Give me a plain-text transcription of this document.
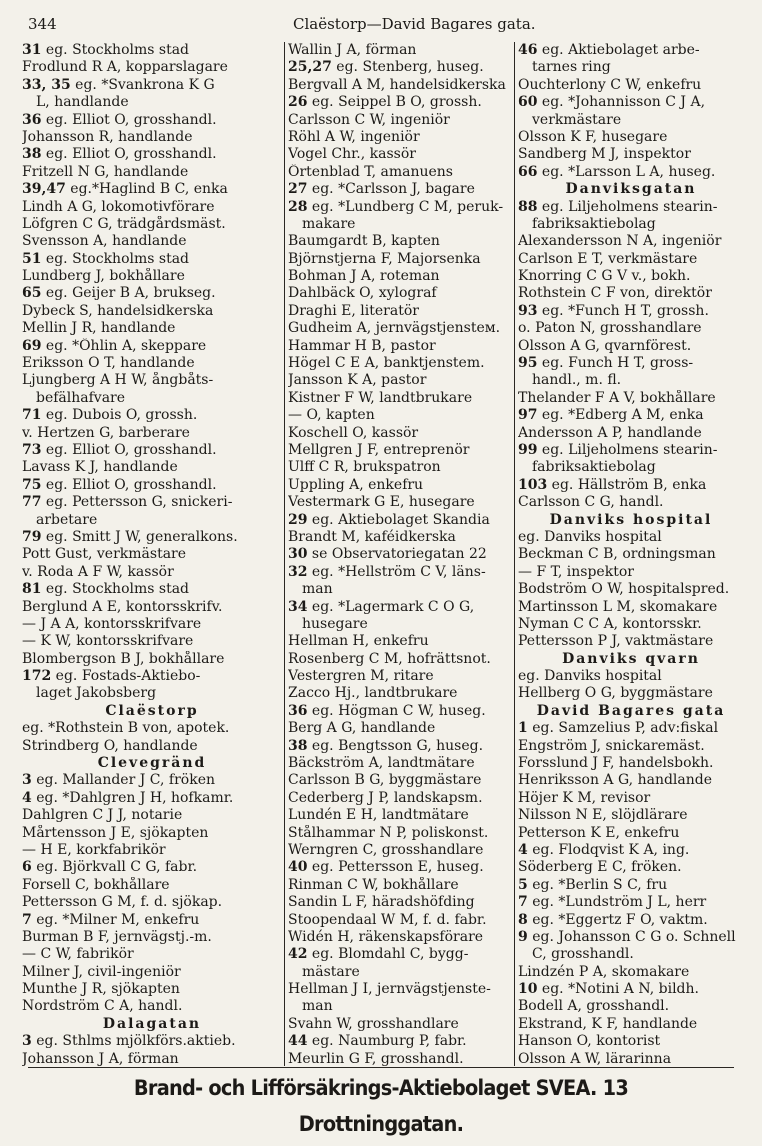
344	Claëstorp—David Bagares gata.
31 eg. Stockholms stad
Frodlund R A, kopparslagare
33, 35 eg. *Svankrona K G
 L, handlande
36 eg. Elliot O, grosshandl.
Johansson R, handlande
38 eg. Elliot O, grosshandl.
Fritzell N G, handlande
39,47 eg.*Haglind B C, enka
Lindh A G, lokomotivförare
Löfgren C G, trädgårdsmäst.
Svensson A, handlande
51 eg. Stockholms stad
Lundberg J, bokhållare
65 eg. Geijer B A, brukseg.
Dybeck S, handelsidkerska
Mellin J R, handlande
69 eg. *Öhlin A, skeppare
Eriksson O T, handlande
Ljungberg A H W, ångbåts-
 befälhafvare
71 eg. Dubois O, grossh.
v. Hertzen G, barberare
73 eg. Elliot O, grosshandl.
Lavass K J, handlande
75 eg. Elliot O, grosshandl.
77 eg. Pettersson G, snickeri-
 arbetare
79 eg. Smitt J W, generalkons.
Pott Gust, verkmästare
v. Roda A F W, kassör
81 eg. Stockholms stad
Berglund A E, kontorsskrifv.
— J A A, kontorsskrifvare
— K W, kontorsskrifvare
Blombergson B J, bokhållare
172 eg. Fostads-Aktiebo-
 laget Jakobsberg
Claëstorp
eg. *Rothstein B von, apotek.
Strindberg O, handlande
Clevegränd
3 eg. Mallander J C, fröken
4 eg. *Dahlgren J H, hofkamr.
Dahlgren C J J, notarie
Mårtensson J E, sjökapten
— H E, korkfabrikör
6 eg. Björkvall C G, fabr.
Forsell C, bokhållare
Pettersson G M, f. d. sjökap.
7 eg. *Milner M, enkefru
Burman B F, jernvägstj.-m.
— C W, fabrikör
Milner J, civil-ingeniör
Munthe J R, sjökapten
Nordström C A, handl.
Dalagatan
3 eg. Sthlms mjölkförs.aktieb.
Johansson J A, förman
Wallin J A, förman
25,27 eg. Stenberg, huseg.
Bergvall A M, handelsidkerska
26 eg. Seippel B O, grossh.
Carlsson C W, ingeniör
Röhl A W, ingeniör
Vogel Chr., kassör
Örtenblad T, amanuens
27 eg. *Carlsson J, bagare
28 eg. *Lundberg C M, peruk-
 makare
Baumgardt B, kapten
Björnstjerna F, Majorsenka
Bohman J A, roteman
Dahlbäck O, xylograf
Draghi E, literatör
Gudheim A, jernvägstjensteм.
Hammar H B, pastor
Högel C E A, banktjenstem.
Jansson K A, pastor
Kistner F W, landtbrukare
— O, kapten
Koschell O, kassör
Mellgren J F, entreprenör
Ulff C R, brukspatron
Uppling A, enkefru
Vestermark G E, husegare
29 eg. Aktiebolaget Skandia
Brandt M, kaféidkerska
30 se Observatoriegatan 22
32 eg. *Hellström C V, läns-
 man
34 eg. *Lagermark C O G,
 husegare
Hellman H, enkefru
Rosenberg C M, hofrättsnot.
Vestergren M, ritare
Zacco Hj., landtbrukare
36 eg. Högman C W, huseg.
Berg A G, handlande
38 eg. Bengtsson G, huseg.
Bäckström A, landtmätare
Carlsson B G, byggmästare
Cederberg J P, landskapsm.
Lundén E H, landtmätare
Stålhammar N P, poliskonst.
Werngren C, grosshandlare
40 eg. Pettersson E, huseg.
Rinman C W, bokhållare
Sandin L F, häradshöfding
Stoopendaal W M, f. d. fabr.
Widén H, räkenskapsförare
42 eg. Blomdahl C, bygg-
 mästare
Hellman J I, jernvägstjenste-
 man
Svahn W, grosshandlare
44 eg. Naumburg P, fabr.
Meurlin G F, grosshandl.
46 eg. Aktiebolaget arbe-
 tarnes ring
Ouchterlony C W, enkefru
60 eg. *Johannisson C J A,
 verkmästare
Olsson K F, husegare
Sandberg M J, inspektor
66 eg. *Larsson L A, huseg.
Danviksgatan
88 eg. Liljeholmens stearin-
 fabriksaktiebolag
Alexandersson N A, ingeniör
Carlson E T, verkmästare
Knorring C G V v., bokh.
Rothstein C F von, direktör
93 eg. *Funch H T, grossh.
o. Paton N, grosshandlare
Olsson A G, qvarnförest.
95 eg. Funch H T, gross-
 handl., m. fl.
Thelander F A V, bokhållare
97 eg. *Edberg A M, enka
Andersson A P, handlande
99 eg. Liljeholmens stearin-
 fabriksaktiebolag
103 eg. Hällström B, enka
Carlsson C G, handl.
Danviks hospital
eg. Danviks hospital
Beckman C B, ordningsman
— F T, inspektor
Bodström O W, hospitalspred.
Martinsson L M, skomakare
Nyman C C A, kontorsskr.
Pettersson P J, vaktmästare
Danviks qvarn
eg. Danviks hospital
Hellberg O G, byggmästare
David Bagares gata
1 eg. Samzelius P, adv:fiskal
Engström J, snickaremäst.
Forsslund J F, handelsbokh.
Henriksson A G, handlande
Höjer K M, revisor
Nilsson N E, slöjdlärare
Petterson K E, enkefru
4 eg. Flodqvist K A, ing.
Söderberg E C, fröken.
5 eg. *Berlin S C, fru
7 eg. *Lundström J L, herr
8 eg. *Eggertz F O, vaktm.
9 eg. Johansson C G o. Schnell
 C, grosshandl.
Lindzén P A, skomakare
10 eg. *Notini A N, bildh.
Bodell A, grosshandl.
Ekstrand, K F, handlande
Hanson O, kontorist
Olsson A W, lärarinna
Brand- och Lifförsäkrings-Aktiebolaget SVEA. 13 Drottninggatan.
